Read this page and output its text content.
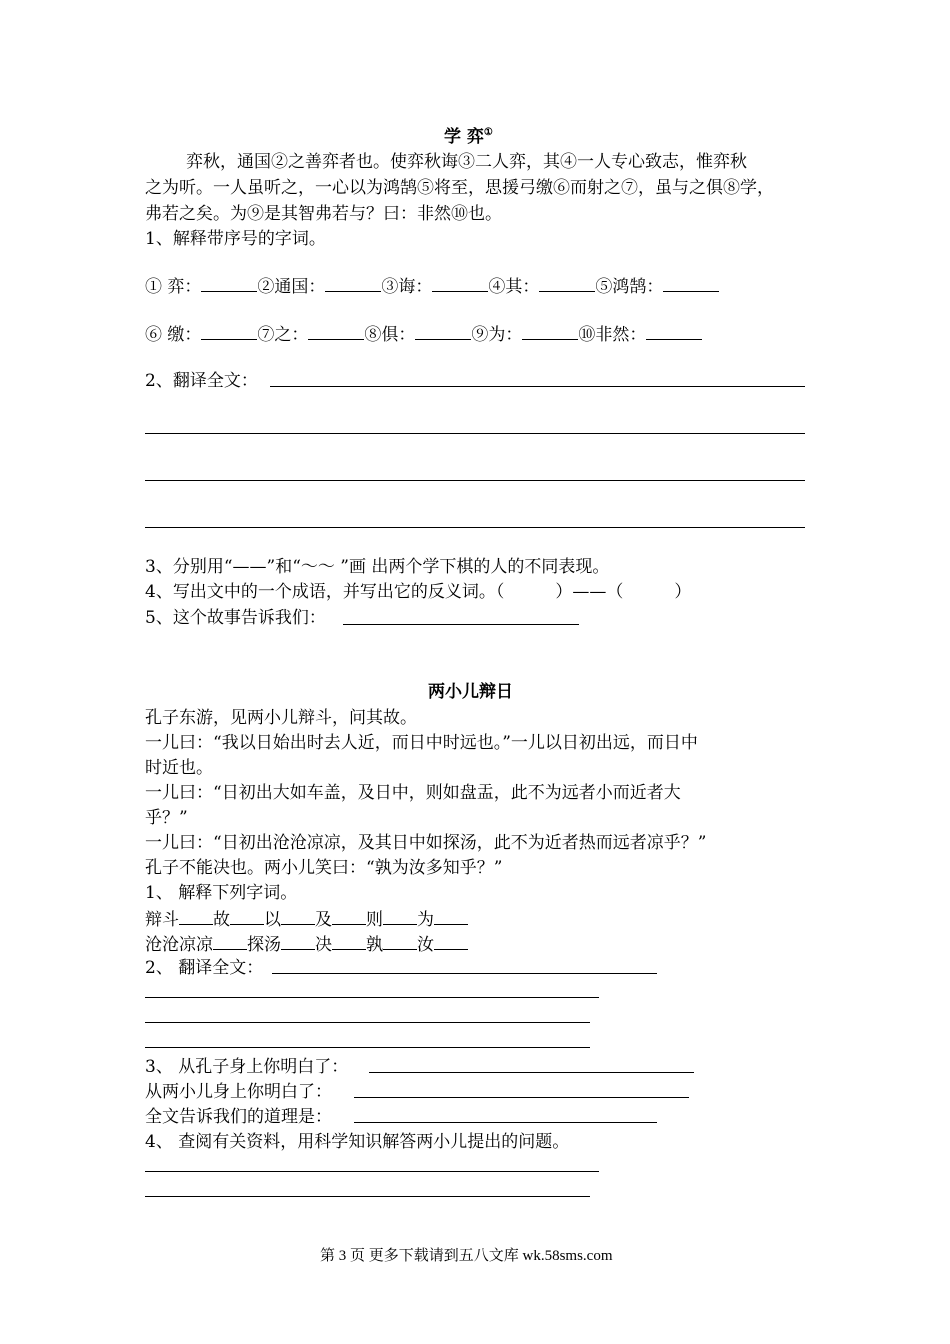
学 弈①
弈秋，通国②之善弈者也。使弈秋诲③二人弈，其④一人专心致志，惟弈秋
之为听。一人虽听之，一心以为鸿鹄⑤将至，思援弓缴⑥而射之⑦，虽与之俱⑧学，
弗若之矣。为⑨是其智弗若与？曰：非然⑩也。
1、解释带序号的字词。
① 弈：	②通国：	③诲：	④其：	⑤鸿鹄：
⑥ 缴：	⑦之：	⑧俱：	⑨为：	⑩非然：
2、翻译全文：
3、分别用“——”和“～～ ”画 出两个学下棋的人的不同表现。
4、写出文中的一个成语，并写出它的反义词。（　　　）——（　　　）
5、这个故事告诉我们：
两小儿辩日
孔子东游，见两小儿辩斗，问其故。
一儿曰：“我以日始出时去人近，而日中时远也。”一儿以日初出远，而日中
时近也。
一儿曰：“日初出大如车盖，及日中，则如盘盂，此不为远者小而近者大
乎？”
一儿曰：“日初出沧沧凉凉，及其日中如探汤，此不为近者热而远者凉乎？”
孔子不能决也。两小儿笑曰：“孰为汝多知乎？”
1、 解释下列字词。
辩斗 故 以 及 则 为
沧沧凉凉 探汤 决 孰 汝
2、 翻译全文：
3、 从孔子身上你明白了：
从两小儿身上你明白了：
全文告诉我们的道理是：
4、 查阅有关资料，用科学知识解答两小儿提出的问题。
第 3 页 更多下载请到五八文库 wk.58sms.com
